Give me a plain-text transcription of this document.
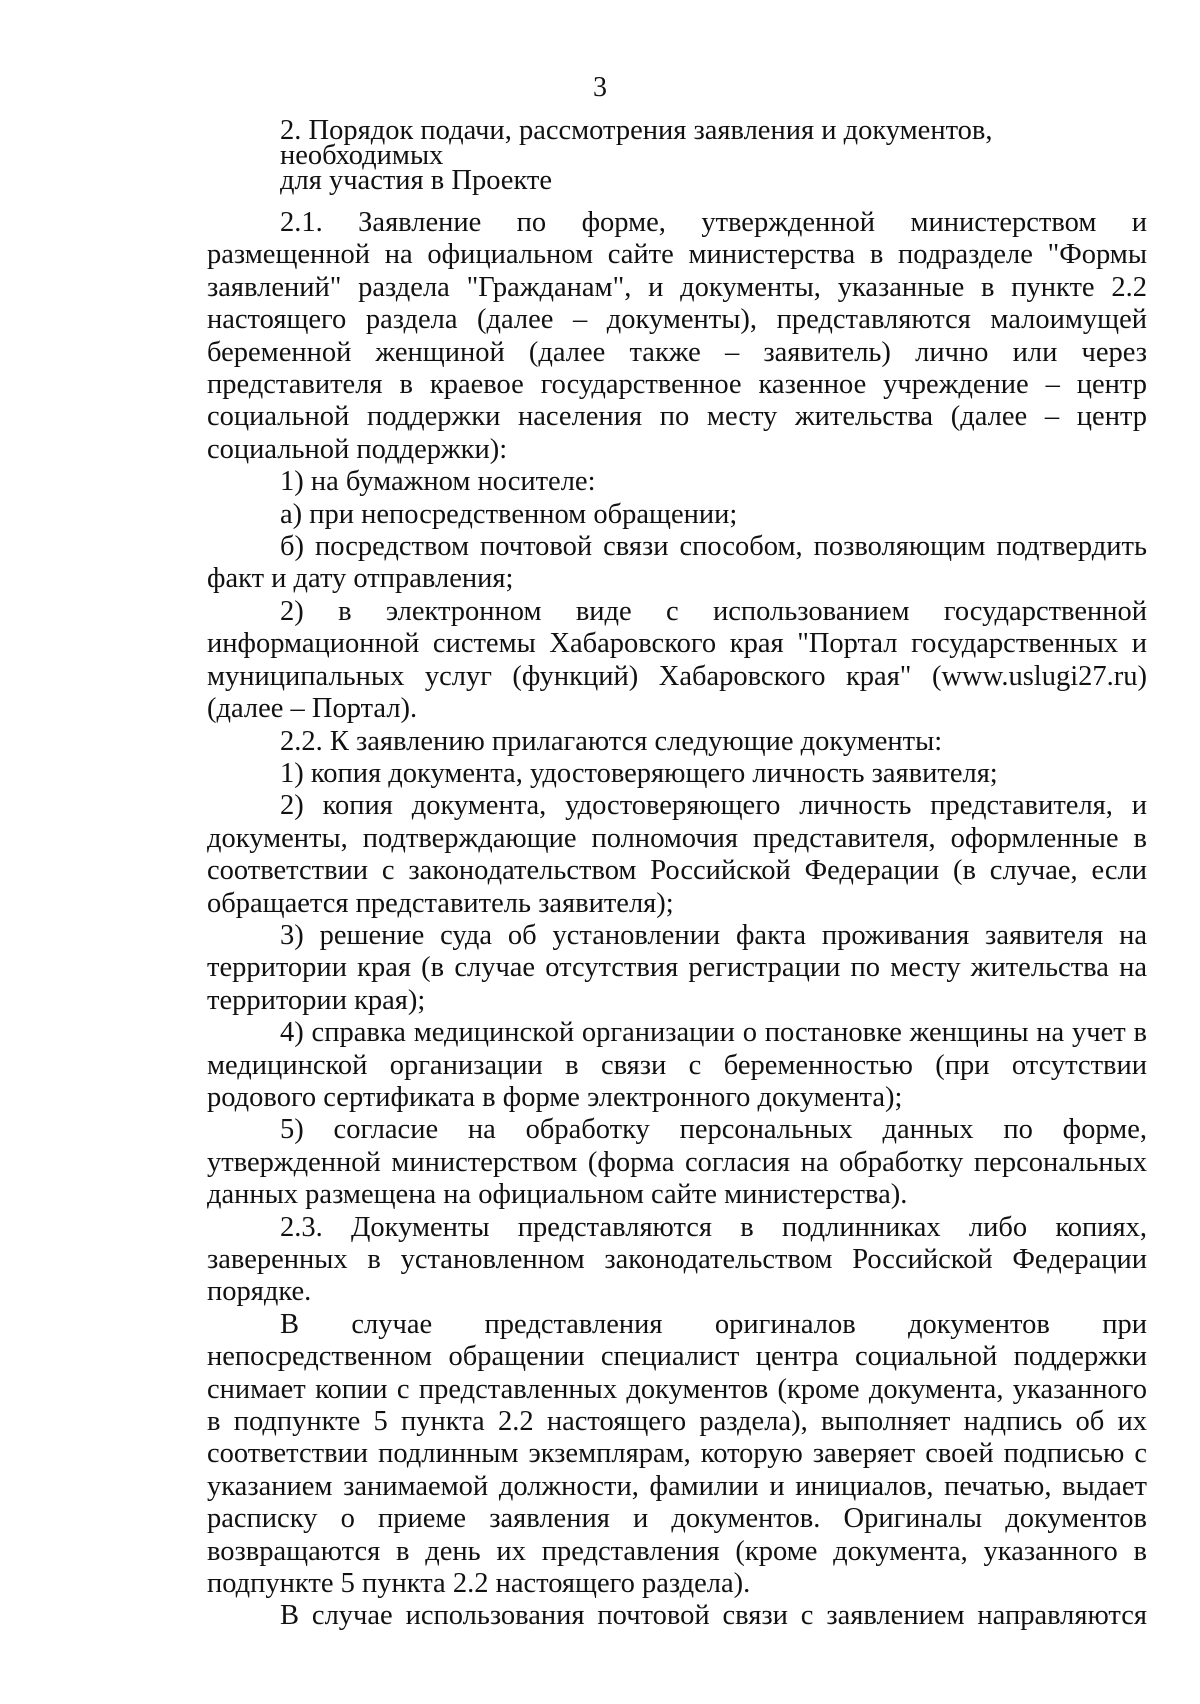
3
2. Порядок подачи, рассмотрения заявления и документов, необходимых
для участия в Проекте

2.1. Заявление по форме, утвержденной министерством и размещенной на официальном сайте министерства в подразделе "Формы заявлений" раздела "Гражданам", и документы, указанные в пункте 2.2 настоящего раздела (далее – документы), представляются малоимущей беременной женщиной (далее также – заявитель) лично или через представителя в краевое государственное казенное учреждение – центр социальной поддержки населения по месту жительства (далее – центр социальной поддержки):

1) на бумажном носителе:

а) при непосредственном обращении;

б) посредством почтовой связи способом, позволяющим подтвердить факт и дату отправления;

2) в электронном виде с использованием государственной информационной системы Хабаровского края "Портал государственных и муниципальных услуг (функций) Хабаровского края" (www.uslugi27.ru) (далее – Портал).

2.2. К заявлению прилагаются следующие документы:

1) копия документа, удостоверяющего личность заявителя;

2) копия документа, удостоверяющего личность представителя, и документы, подтверждающие полномочия представителя, оформленные в соответствии с законодательством Российской Федерации (в случае, если обращается представитель заявителя);

3) решение суда об установлении факта проживания заявителя на территории края (в случае отсутствия регистрации по месту жительства на территории края);

4) справка медицинской организации о постановке женщины на учет в медицинской организации в связи с беременностью (при отсутствии родового сертификата в форме электронного документа);

5) согласие на обработку персональных данных по форме, утвержденной министерством (форма согласия на обработку персональных данных размещена на официальном сайте министерства).

2.3. Документы представляются в подлинниках либо копиях, заверенных в установленном законодательством Российской Федерации порядке.

В случае представления оригиналов документов при непосредственном обращении специалист центра социальной поддержки снимает копии с представленных документов (кроме документа, указанного в подпункте 5 пункта 2.2 настоящего раздела), выполняет надпись об их соответствии подлинным экземплярам, которую заверяет своей подписью с указанием занимаемой должности, фамилии и инициалов, печатью, выдает расписку о приеме заявления и документов. Оригиналы документов возвращаются в день их представления (кроме документа, указанного в подпункте 5 пункта 2.2 настоящего раздела).

В случае использования почтовой связи с заявлением направляются
